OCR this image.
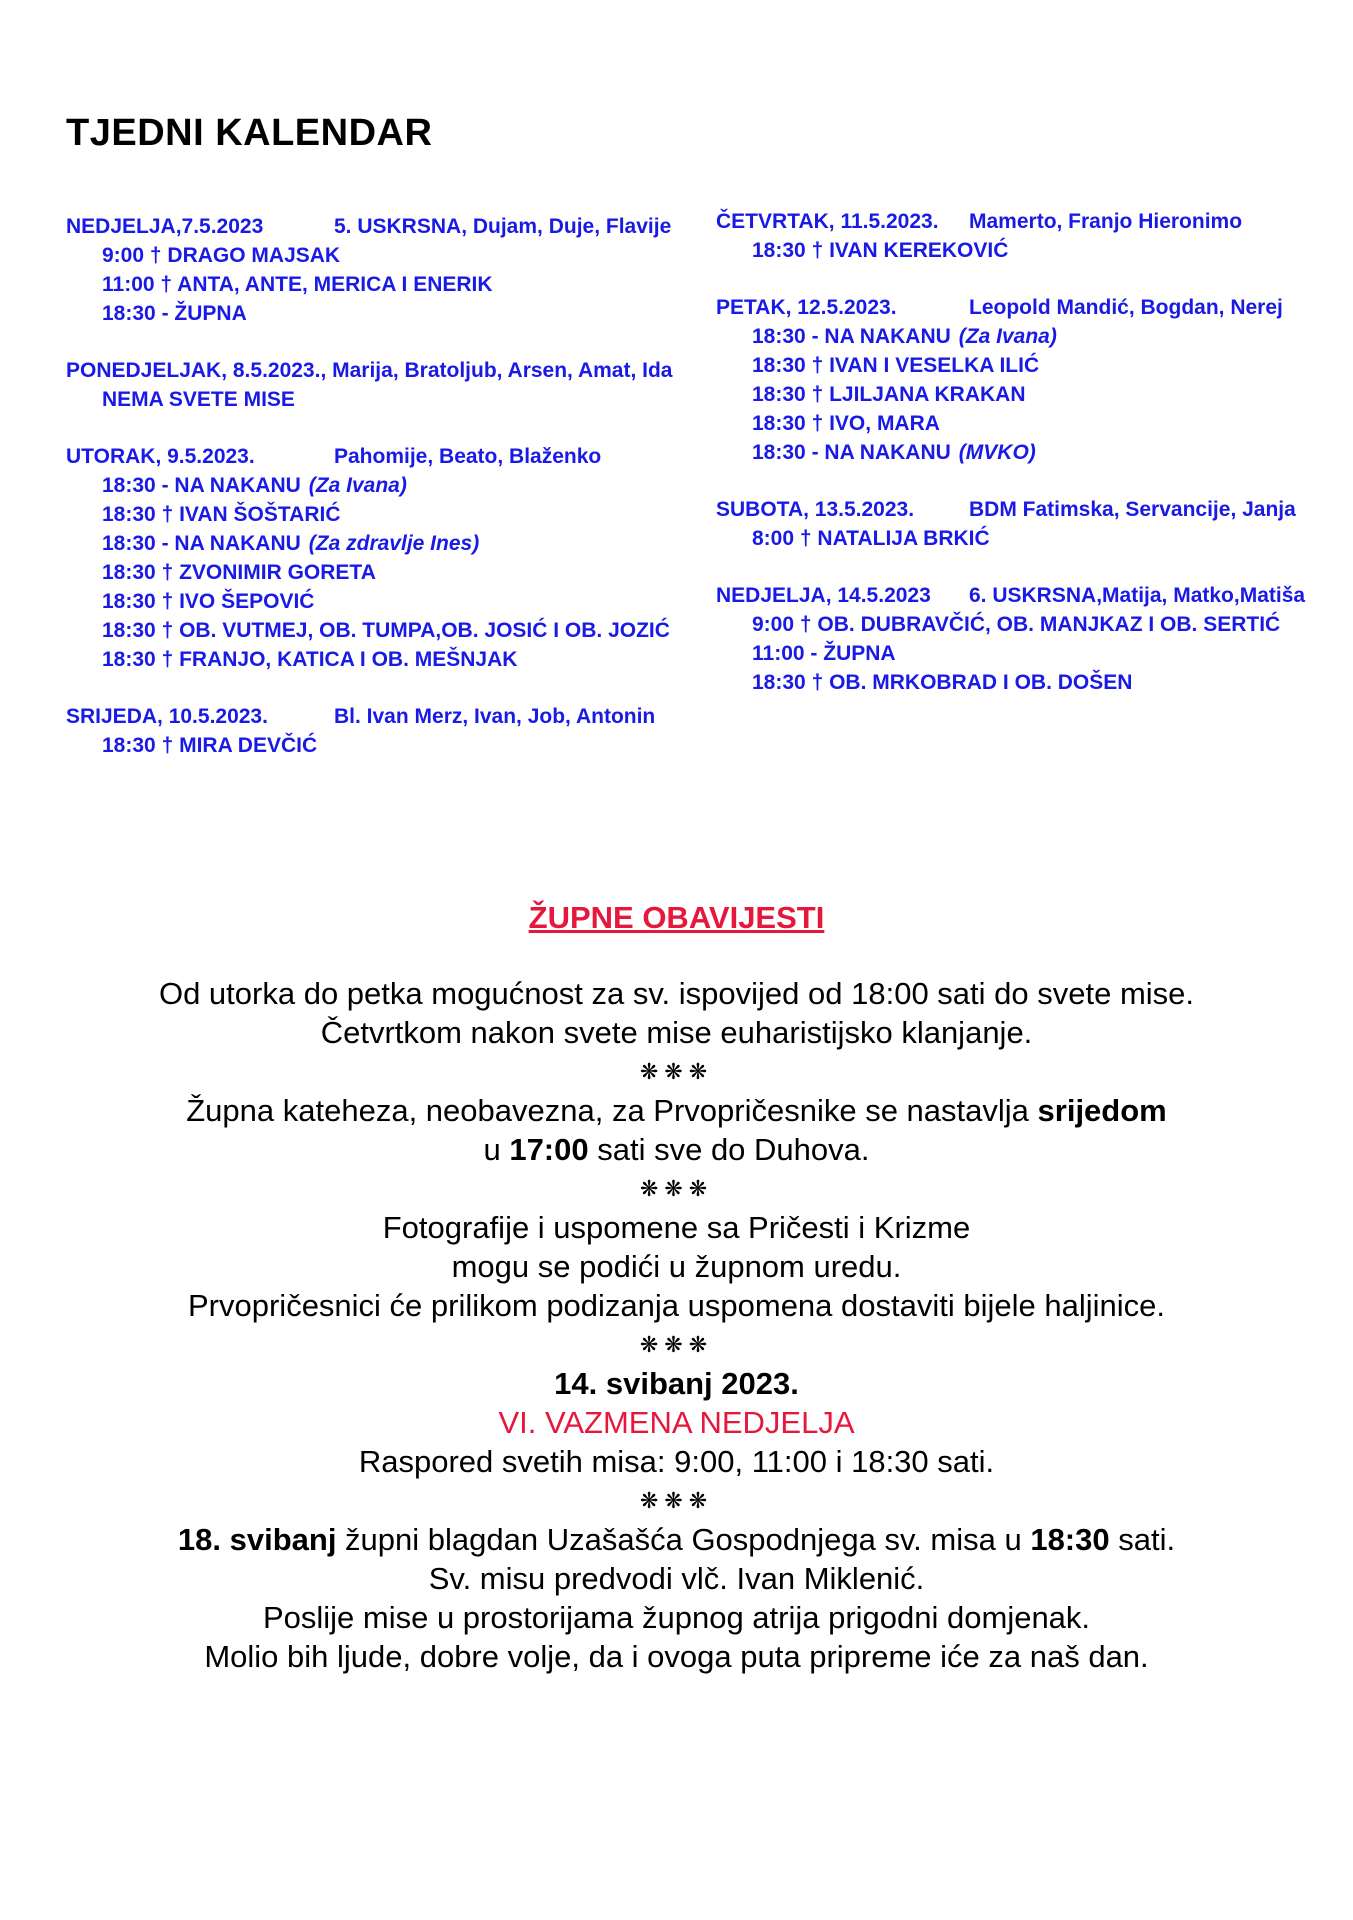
TJEDNI KALENDAR
NEDJELJA,7.5.2023	5. USKRSNA, Dujam, Duje, Flavije
9:00 † DRAGO MAJSAK
11:00 † ANTA, ANTE, MERICA I ENERIK
18:30 - ŽUPNA
PONEDJELJAK, 8.5.2023., Marija, Bratoljub, Arsen, Amat, Ida
NEMA SVETE MISE
UTORAK, 9.5.2023.	Pahomije, Beato, Blaženko
18:30 - NA NAKANU (Za Ivana)
18:30 † IVAN ŠOŠTARIĆ
18:30 - NA NAKANU (Za zdravlje Ines)
18:30 † ZVONIMIR GORETA
18:30 † IVO ŠEPOVIĆ
18:30 † OB. VUTMEJ, OB. TUMPA,OB. JOSIĆ I OB. JOZIĆ
18:30 † FRANJO, KATICA I OB. MEŠNJAK
SRIJEDA, 10.5.2023.	Bl. Ivan Merz, Ivan, Job, Antonin
18:30 † MIRA DEVČIĆ
ČETVRTAK, 11.5.2023. Mamerto, Franjo Hieronimo
18:30 † IVAN KEREKOVIĆ
PETAK, 12.5.2023.	Leopold Mandić, Bogdan, Nerej
18:30 - NA NAKANU (Za Ivana)
18:30 † IVAN I VESELKA ILIĆ
18:30 † LJILJANA KRAKAN
18:30 † IVO, MARA
18:30 - NA NAKANU (MVKO)
SUBOTA, 13.5.2023.	BDM Fatimska, Servancije, Janja
8:00 † NATALIJA BRKIĆ
NEDJELJA, 14.5.2023 6. USKRSNA,Matija, Matko,Matiša
9:00 † OB. DUBRAVČIĆ, OB. MANJKAZ I OB. SERTIĆ
11:00 - ŽUPNA
18:30 † OB. MRKOBRAD I OB. DOŠEN
ŽUPNE OBAVIJESTI
Od utorka do petka mogućnost za sv. ispovijed od 18:00 sati do svete mise.
Četvrtkom nakon svete mise euharistijsko klanjanje.
❋❋❋
Župna kateheza, neobavezna, za Prvopričesnike se nastavlja srijedom
u 17:00 sati sve do Duhova.
❋❋❋
Fotografije i uspomene sa Pričesti i Krizme
mogu se podići u župnom uredu.
Prvopričesnici će prilikom podizanja uspomena dostaviti bijele haljinice.
❋❋❋
14. svibanj 2023.
VI. VAZMENA NEDJELJA
Raspored svetih misa: 9:00, 11:00 i 18:30 sati.
❋❋❋
18. svibanj župni blagdan Uzašašća Gospodnjega sv. misa u 18:30 sati.
Sv. misu predvodi vlč. Ivan Miklenić.
Poslije mise u prostorijama župnog atrija prigodni domjenak.
Molio bih ljude, dobre volje, da i ovoga puta pripreme iće za naš dan.
